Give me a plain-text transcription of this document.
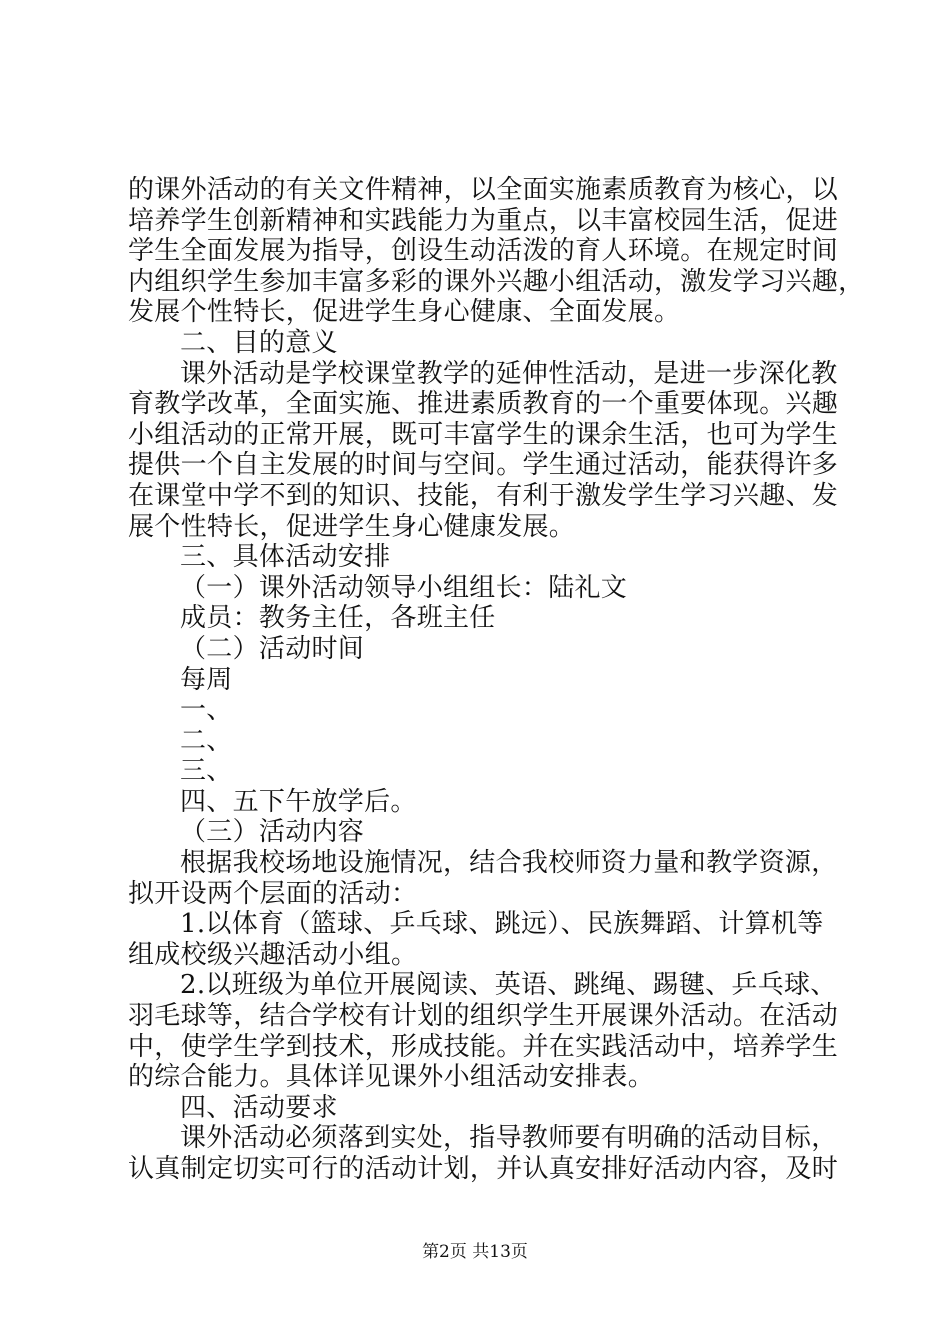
的课外活动的有关文件精神，以全面实施素质教育为核心，以
培养学生创新精神和实践能力为重点，以丰富校园生活，促进
学生全面发展为指导，创设生动活泼的育人环境。在规定时间
内组织学生参加丰富多彩的课外兴趣小组活动，激发学习兴趣，
发展个性特长，促进学生身心健康、全面发展。
二、目的意义
课外活动是学校课堂教学的延伸性活动，是进一步深化教
育教学改革，全面实施、推进素质教育的一个重要体现。兴趣
小组活动的正常开展，既可丰富学生的课余生活，也可为学生
提供一个自主发展的时间与空间。学生通过活动，能获得许多
在课堂中学不到的知识、技能，有利于激发学生学习兴趣、发
展个性特长，促进学生身心健康发展。
三、具体活动安排
（一）课外活动领导小组组长：陆礼文
成员：教务主任，各班主任
（二）活动时间
每周
一、
二、
三、
四、五下午放学后。
（三）活动内容
根据我校场地设施情况，结合我校师资力量和教学资源，
拟开设两个层面的活动：
1.以体育（篮球、乒乓球、跳远）、民族舞蹈、计算机等
组成校级兴趣活动小组。
2.以班级为单位开展阅读、英语、跳绳、踢毽、乒乓球、
羽毛球等，结合学校有计划的组织学生开展课外活动。在活动
中，使学生学到技术，形成技能。并在实践活动中，培养学生
的综合能力。具体详见课外小组活动安排表。
四、活动要求
课外活动必须落到实处，指导教师要有明确的活动目标，
认真制定切实可行的活动计划，并认真安排好活动内容，及时
第2页 共13页
